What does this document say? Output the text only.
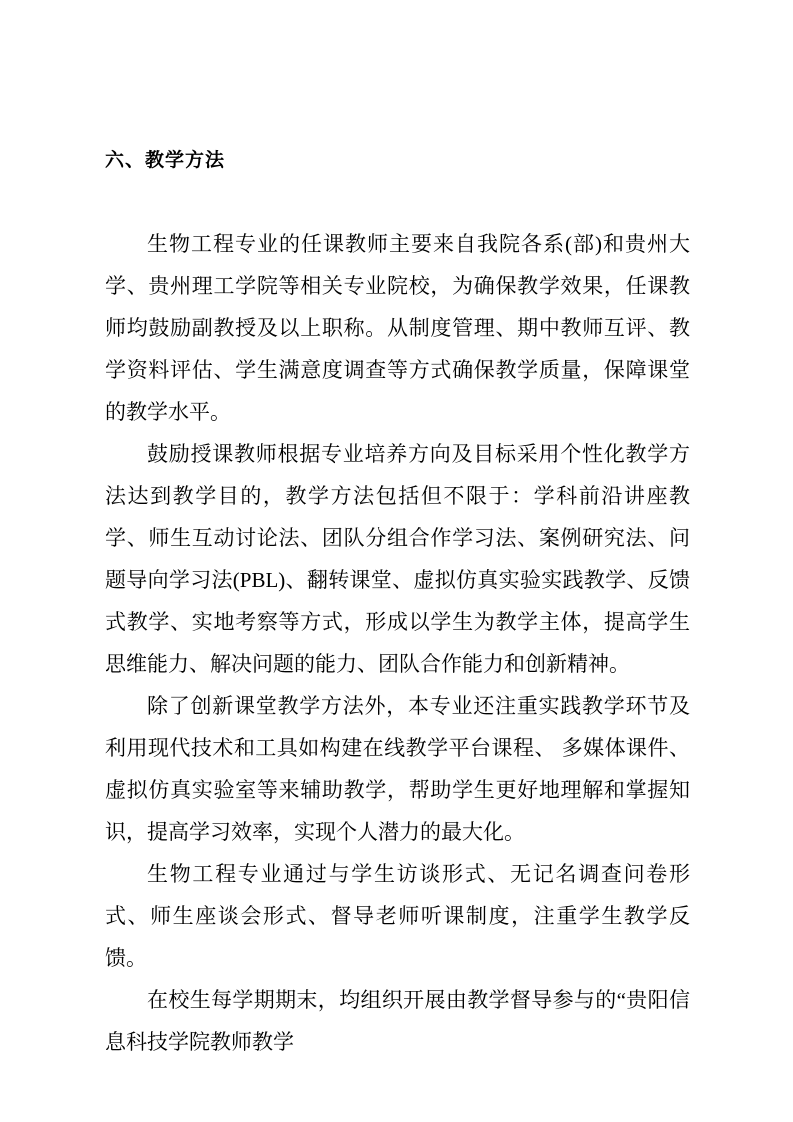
六、教学方法

生物工程专业的任课教师主要来自我院各系(部)和贵州大学、贵州理工学院等相关专业院校，为确保教学效果，任课教师均鼓励副教授及以上职称。从制度管理、期中教师互评、教学资料评估、学生满意度调查等方式确保教学质量，保障课堂的教学水平。

鼓励授课教师根据专业培养方向及目标采用个性化教学方法达到教学目的，教学方法包括但不限于：学科前沿讲座教学、师生互动讨论法、团队分组合作学习法、案例研究法、问题导向学习法(PBL)、翻转课堂、虚拟仿真实验实践教学、反馈式教学、实地考察等方式，形成以学生为教学主体，提高学生思维能力、解决问题的能力、团队合作能力和创新精神。

除了创新课堂教学方法外，本专业还注重实践教学环节及利用现代技术和工具如构建在线教学平台课程、 多媒体课件、虚拟仿真实验室等来辅助教学，帮助学生更好地理解和掌握知识，提高学习效率，实现个人潜力的最大化。

生物工程专业通过与学生访谈形式、无记名调查问卷形式、师生座谈会形式、督导老师听课制度，注重学生教学反馈。

在校生每学期期末，均组织开展由教学督导参与的“贵阳信息科技学院教师教学
